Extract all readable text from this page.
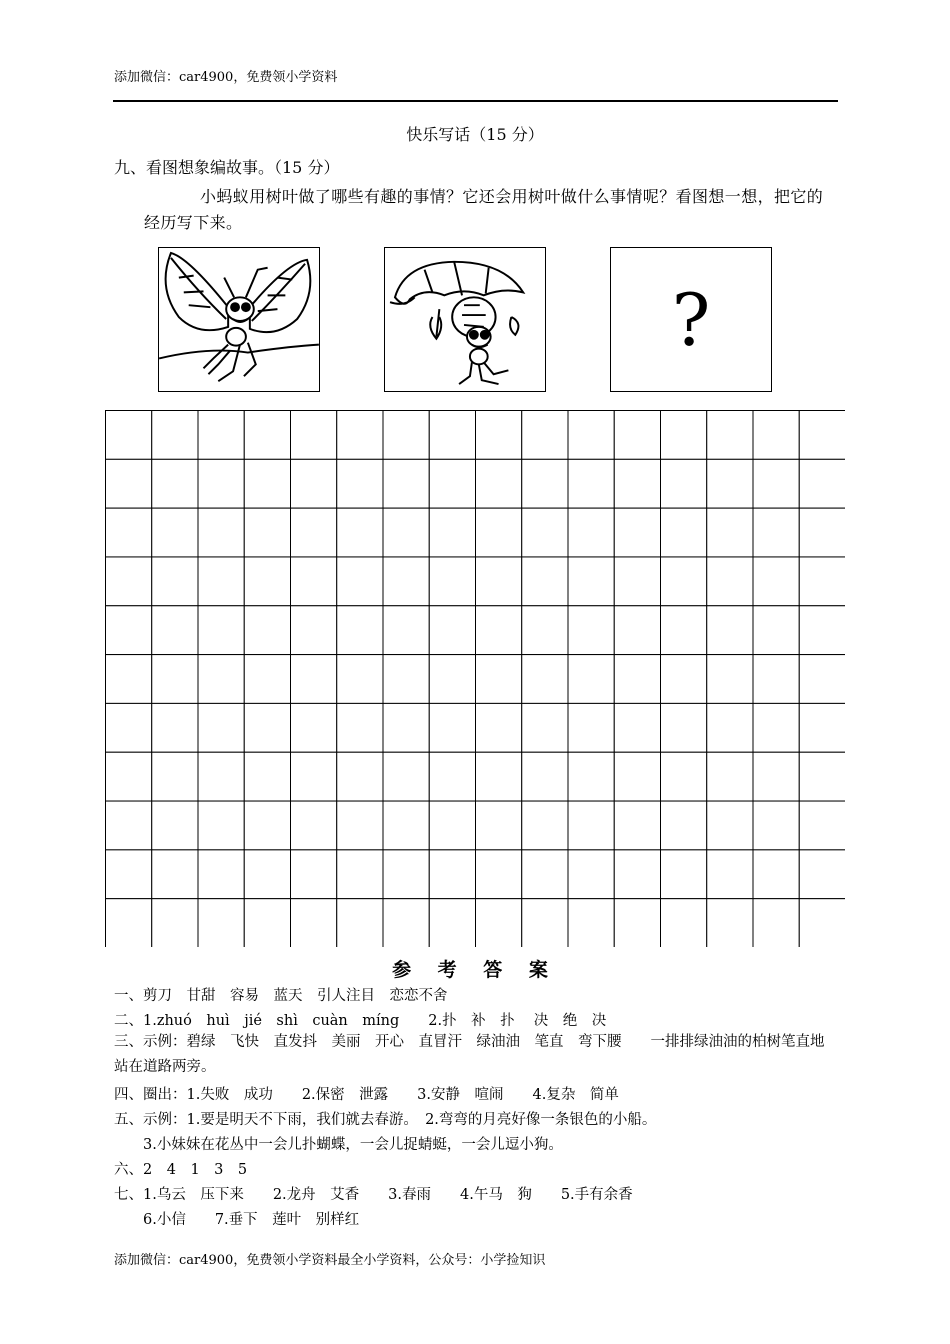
添加微信：car4900，免费领小学资料
快乐写话（15 分）
九、看图想象编故事。（15 分）
小蚂蚁用树叶做了哪些有趣的事情？它还会用树叶做什么事情呢？看图想一想，把它的经历写下来。
?
参 考 答 案
一、剪刀　甘甜　容易　蓝天　引人注目　恋恋不舍
二、1.zhuó　huì　jié　shì　cuàn　míng　　2.扑　补　扑　 决　绝　决
三、示例：碧绿　飞快　直发抖　美丽　开心　直冒汗　绿油油　笔直　弯下腰　　一排排绿油油的柏树笔直地站在道路两旁。
四、圈出：1.失败　成功　　2.保密　泄露　　3.安静　喧闹　　4.复杂　简单
五、示例：1.要是明天不下雨，我们就去春游。　2.弯弯的月亮好像一条银色的小船。
　　3.小妹妹在花丛中一会儿扑蝴蝶，一会儿捉蜻蜓，一会儿逗小狗。
六、2　4　1　3　5
七、1.乌云　压下来　　2.龙舟　艾香　　3.春雨　　4.午马　狗　　5.手有余香
　　6.小信　　7.垂下　莲叶　别样红
添加微信：car4900，免费领小学资料最全小学资料，公众号：小学捡知识
